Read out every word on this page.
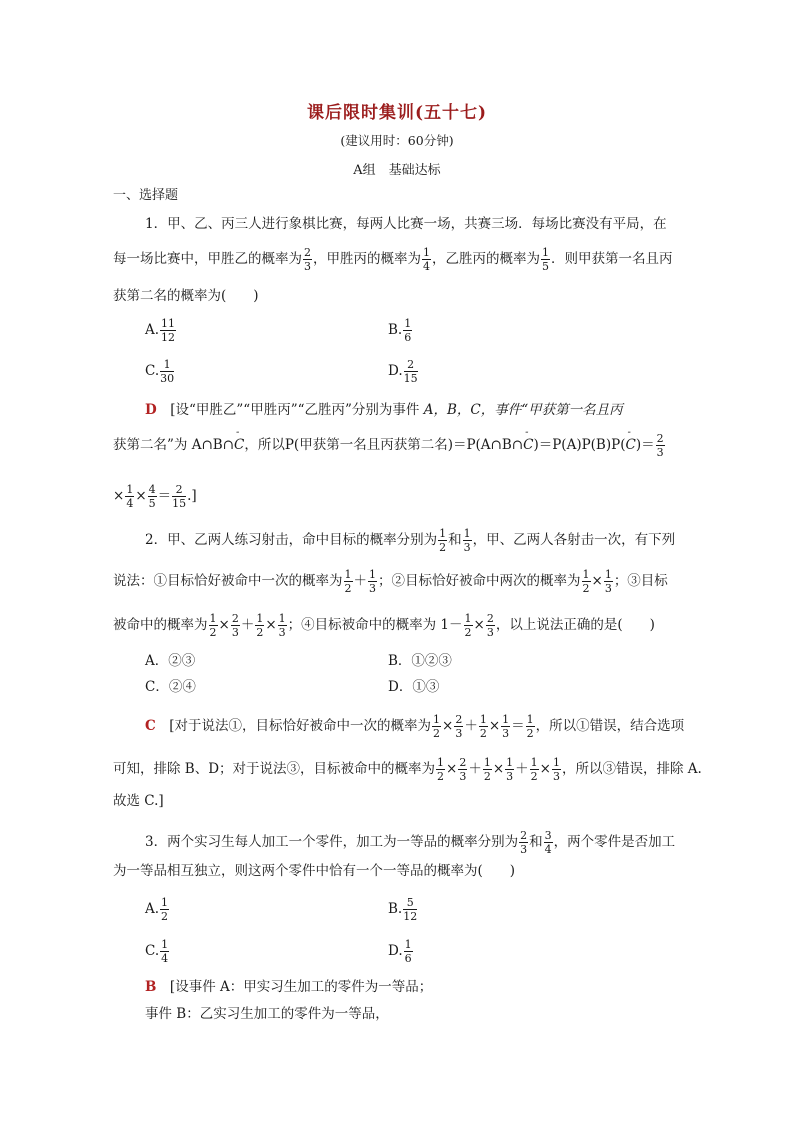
课后限时集训(五十七)
(建议用时：60分钟)
A组　基础达标
一、选择题
1．甲、乙、丙三人进行象棋比赛，每两人比赛一场，共赛三场．每场比赛没有平局，在
每一场比赛中，甲胜乙的概率为 $\frac{2}{3}$ ，甲胜丙的概率为 $\frac{1}{4}$ ，乙胜丙的概率为 $\frac{1}{5}$ ．则甲获第一名且丙
获第二名的概率为(　　)
A. $\frac{11}{12}$	B. $\frac{1}{6}$
C. $\frac{1}{30}$	D. $\frac{2}{15}$
D　[设“甲胜乙”“甲胜丙”“乙胜丙”分别为事件 A，B，C，事件“甲获第一名且丙
获第二名”为 A∩B∩- C，所以P(甲获第一名且丙获第二名)＝P(A∩B∩- C)＝P(A)P(B)P(- $C)= \frac{2}{3}$
× $\frac{1}{4} \times \frac{4}{5} = \frac{2}{15}$ .]
2．甲、乙两人练习射击，命中目标的概率分别为 $\frac{1}{2}$ 和 $\frac{1}{3}$ ，甲、乙两人各射击一次，有下列
说法：①目标恰好被命中一次的概率为 $\frac{1}{2} + \frac{1}{3}$ ；②目标恰好被命中两次的概率为 $\frac{1}{2} \times \frac{1}{3}$ ；③目标
被命中的概率为 $\frac{1}{2} \times \frac{2}{3} + \frac{1}{2} \times \frac{1}{3}$ ；④目标被命中的概率为 $1- \frac{1}{2} \times \frac{2}{3}$ ，以上说法正确的是(　　)
A．②③	B．①②③
C．②④	D．①③
C　[对于说法①，目标恰好被命中一次的概率为 $\frac{1}{2} \times \frac{2}{3} + \frac{1}{2} \times \frac{1}{3} = \frac{1}{2}$ ，所以①错误，结合选项
可知，排除 B、D；对于说法③，目标被命中的概率为 $\frac{1}{2} \times \frac{2}{3} + \frac{1}{2} \times \frac{1}{3} + \frac{1}{2} \times \frac{1}{3}$ ，所以③错误，排除 A.
故选 C.]
3．两个实习生每人加工一个零件，加工为一等品的概率分别为 $\frac{2}{3}$ 和 $\frac{3}{4}$ ，两个零件是否加工
为一等品相互独立，则这两个零件中恰有一个一等品的概率为(　　)
A. $\frac{1}{2}$	B. $\frac{5}{12}$
C. $\frac{1}{4}$	D. $\frac{1}{6}$
B　[设事件 A：甲实习生加工的零件为一等品；
事件 B：乙实习生加工的零件为一等品，
